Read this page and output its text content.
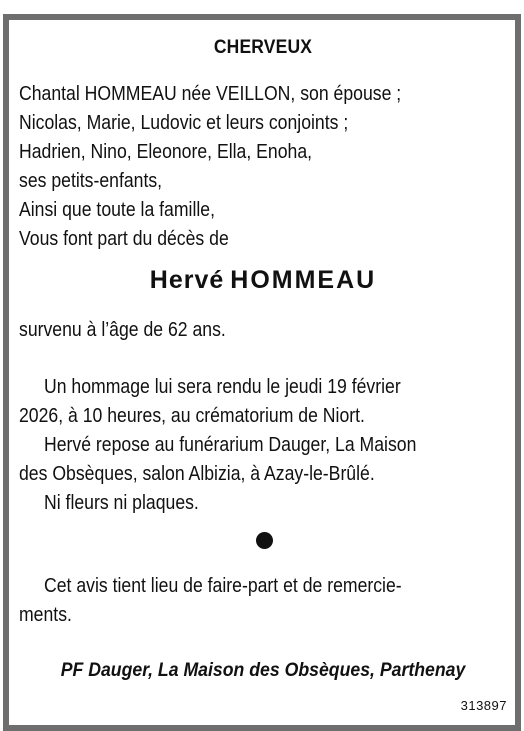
CHERVEUX
Chantal HOMMEAU née VEILLON, son épouse ;
Nicolas, Marie, Ludovic et leurs conjoints ;
Hadrien, Nino, Eleonore, Ella, Enoha,
ses petits-enfants,
Ainsi que toute la famille,
Vous font part du décès de
Hervé HOMMEAU
survenu à l’âge de 62 ans.
Un hommage lui sera rendu le jeudi 19 février
2026, à 10 heures, au crématorium de Niort.
Hervé repose au funérarium Dauger, La Maison
des Obsèques, salon Albizia, à Azay-le-Brûlé.
Ni fleurs ni plaques.
Cet avis tient lieu de faire-part et de remercie-
ments.
PF Dauger, La Maison des Obsèques, Parthenay
313897
